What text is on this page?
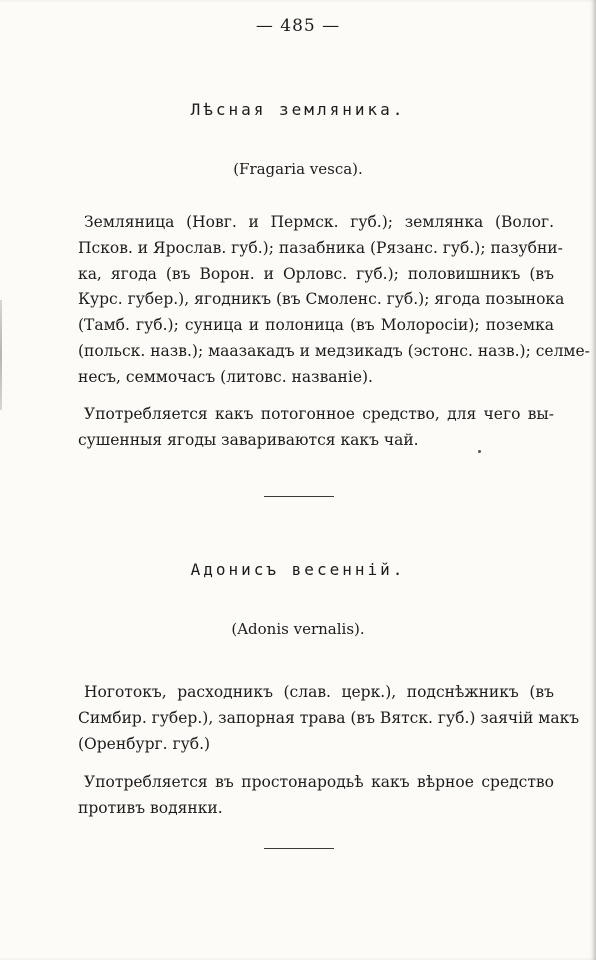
— 485 —
Лѣсная земляника.
(Fragaria vesca).
Земляница (Новг. и Пермск. губ.); землянка (Волог.
Псков. и Ярослав. губ.); пазабника (Рязанс. губ.); пазубни-
ка, ягода (въ Ворон. и Орловс. губ.); половишникъ (въ
Курс. губер.), ягодникъ (въ Смоленс. губ.); ягода позынока
(Тамб. губ.); суница и полоница (въ Молоросіи); поземка
(польск. назв.); маазакадъ и медзикадъ (эстонс. назв.); селме-
несъ, семмочасъ (литовс. названіе).
Употребляется какъ потогонное средство, для чего вы-
сушенныя ягоды завариваются какъ чай.
Адонисъ весеннiй.
(Adonis vernalis).
Ноготокъ, расходникъ (слав. церк.), подснѣжникъ (въ
Симбир. губер.), запорная трава (въ Вятск. губ.) заячій макъ
(Оренбург. губ.)
Употребляется въ простонародьѣ какъ вѣрное средство
противъ водянки.
